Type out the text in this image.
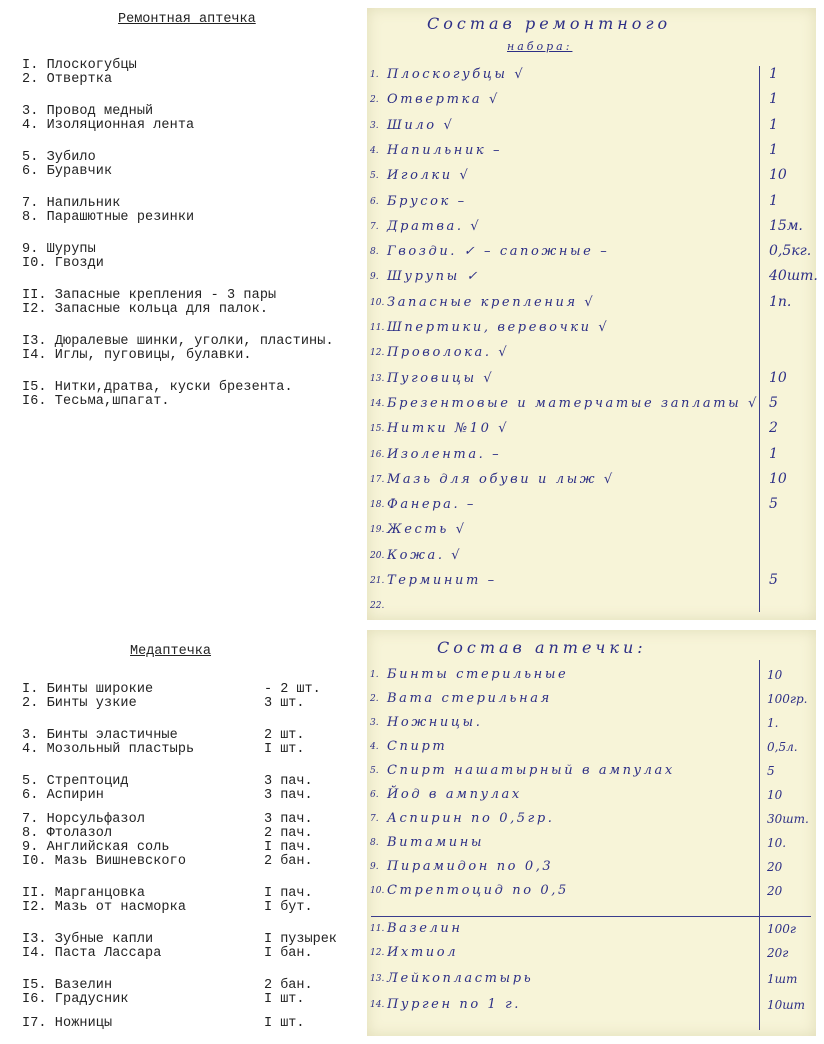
Ремонтная аптечка
I. Плоскогубцы
2. Отвертка
3. Провод медный
4. Изоляционная лента
5. Зубило
6. Буравчик
7. Напильник
8. Парашютные резинки
9. Шурупы
I0. Гвозди
II. Запасные крепления - 3 пары
I2. Запасные кольца для палок.
I3. Дюралевые шинки, уголки, пластины.
I4. Иглы, пуговицы, булавки.
I5. Нитки,дратва, куски брезента.
I6. Тесьма,шпагат.
Состав ремонтного
набора:
1. Плоскогубцы √	1
2. Отвертка √	1
3. Шило √	1
4. Напильник –	1
5. Иголки √	10
6. Брусок –	1
7. Дратва. √	15м.
8. Гвозди. ✓ – сапожные –	0,5кг.
9. Шурупы ✓	40шт.
10. Запасные крепления √	1п.
11. Шпертики, веревочки √
12. Проволока. √
13. Пуговицы √	10
14. Брезентовые и матерчатые заплаты √ 5
15. Нитки №10 √	2
16. Изолента. –	1
17. Мазь для обуви и лыж √	10
18. Фанера. –	5
19. Жесть √
20. Кожа. √
21. Терминит –	5
22.
Медаптечка
I. Бинты широкие	- 2 шт.
2. Бинты узкие	3 шт.
3. Бинты эластичные	2 шт.
4. Мозольный пластырь	I шт.
5. Стрептоцид	3 пач.
6. Аспирин	3 пач.
7. Норсульфазол	3 пач.
8. Фтолазол	2 пач.
9. Английская соль	I пач.
I0. Мазь Вишневского	2 бан.
II. Марганцовка	I пач.
I2. Мазь от насморка	I бут.
I3. Зубные капли	I пузырек
I4. Паста Лассара	I бан.
I5. Вазелин	2 бан.
I6. Градусник	I шт.
I7. Ножницы	I шт.
Состав аптечки:
1. Бинты стерильные	10
2. Вата стерильная	100гр.
3. Ножницы.	1.
4. Спирт	0,5л.
5. Спирт нашатырный в ампулах	5
6. Йод в ампулах	10
7. Аспирин по 0,5гр.	30шт.
8. Витамины	10.
9. Пирамидон по 0,3	20
10. Стрептоцид по 0,5	20
11. Вазелин	100г
12. Ихтиол	20г
13. Лейкопластырь	1шт
14. Пурген по 1 г.	10шт
